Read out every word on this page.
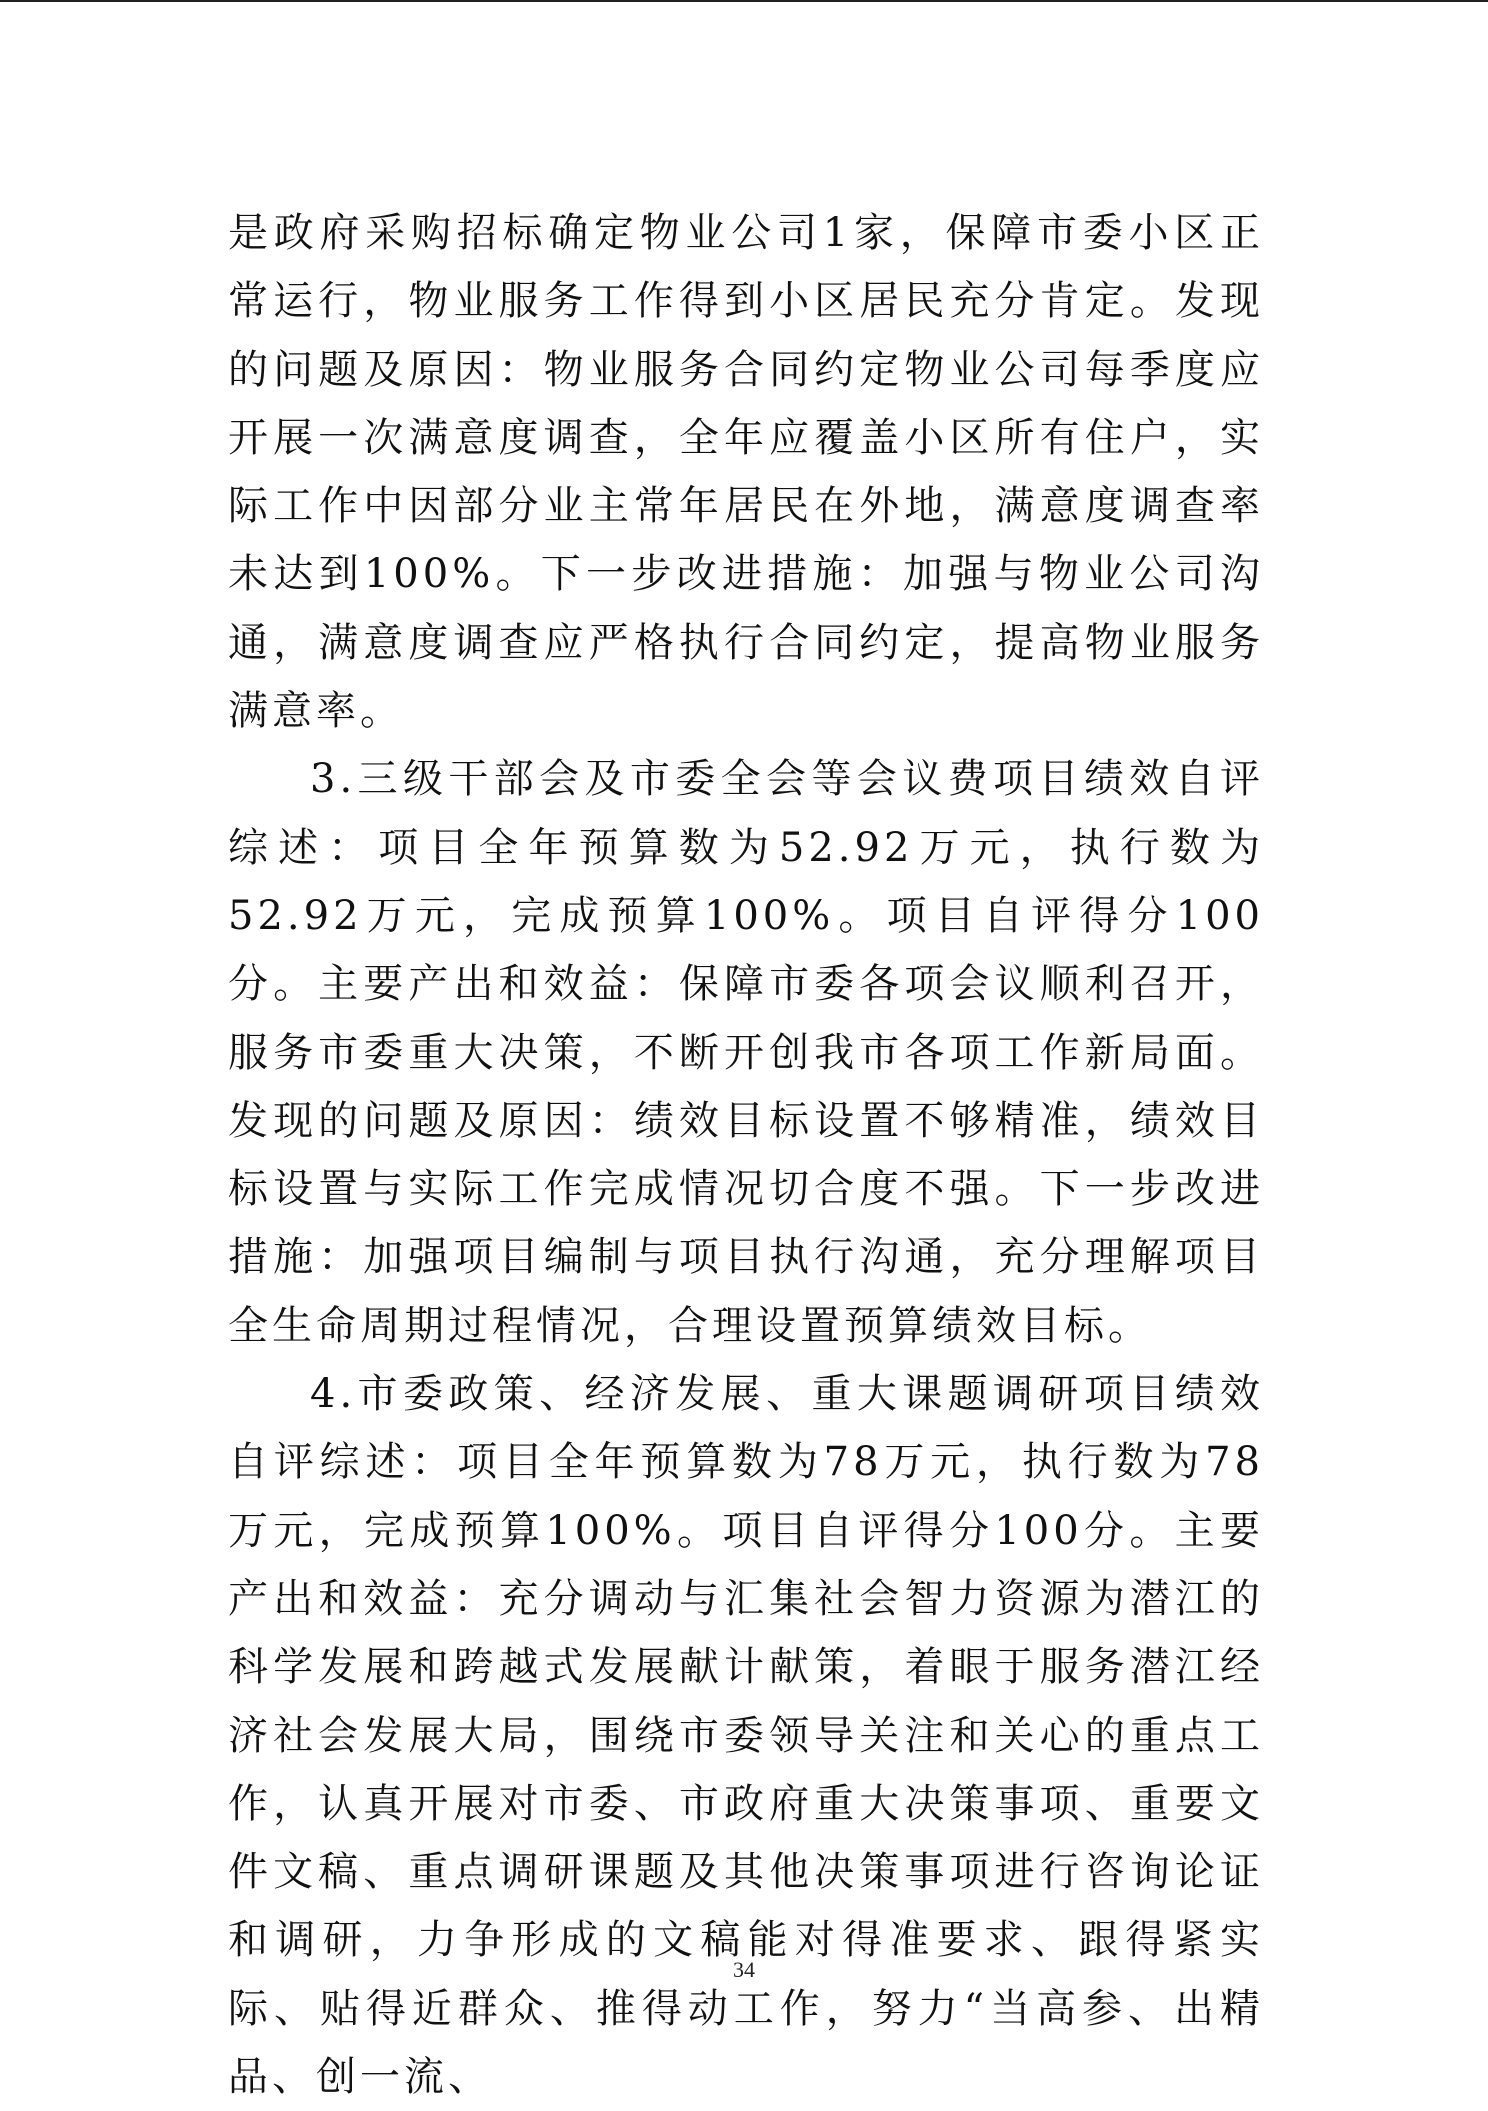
是政府采购招标确定物业公司1家，保障市委小区正常运行，物业服务工作得到小区居民充分肯定。发现的问题及原因：物业服务合同约定物业公司每季度应开展一次满意度调查，全年应覆盖小区所有住户，实际工作中因部分业主常年居民在外地，满意度调查率未达到100%。下一步改进措施：加强与物业公司沟通，满意度调查应严格执行合同约定，提高物业服务满意率。

3.三级干部会及市委全会等会议费项目绩效自评综述：项目全年预算数为52.92万元，执行数为52.92万元，完成预算100%。项目自评得分100分。主要产出和效益：保障市委各项会议顺利召开，服务市委重大决策，不断开创我市各项工作新局面。发现的问题及原因：绩效目标设置不够精准，绩效目标设置与实际工作完成情况切合度不强。下一步改进措施：加强项目编制与项目执行沟通，充分理解项目全生命周期过程情况，合理设置预算绩效目标。

4.市委政策、经济发展、重大课题调研项目绩效自评综述：项目全年预算数为78万元，执行数为78万元，完成预算100%。项目自评得分100分。主要产出和效益：充分调动与汇集社会智力资源为潜江的科学发展和跨越式发展献计献策，着眼于服务潜江经济社会发展大局，围绕市委领导关注和关心的重点工作，认真开展对市委、市政府重大决策事项、重要文件文稿、重点调研课题及其他决策事项进行咨询论证和调研，力争形成的文稿能对得准要求、跟得紧实际、贴得近群众、推得动工作，努力“当高参、出精品、创一流、

34
